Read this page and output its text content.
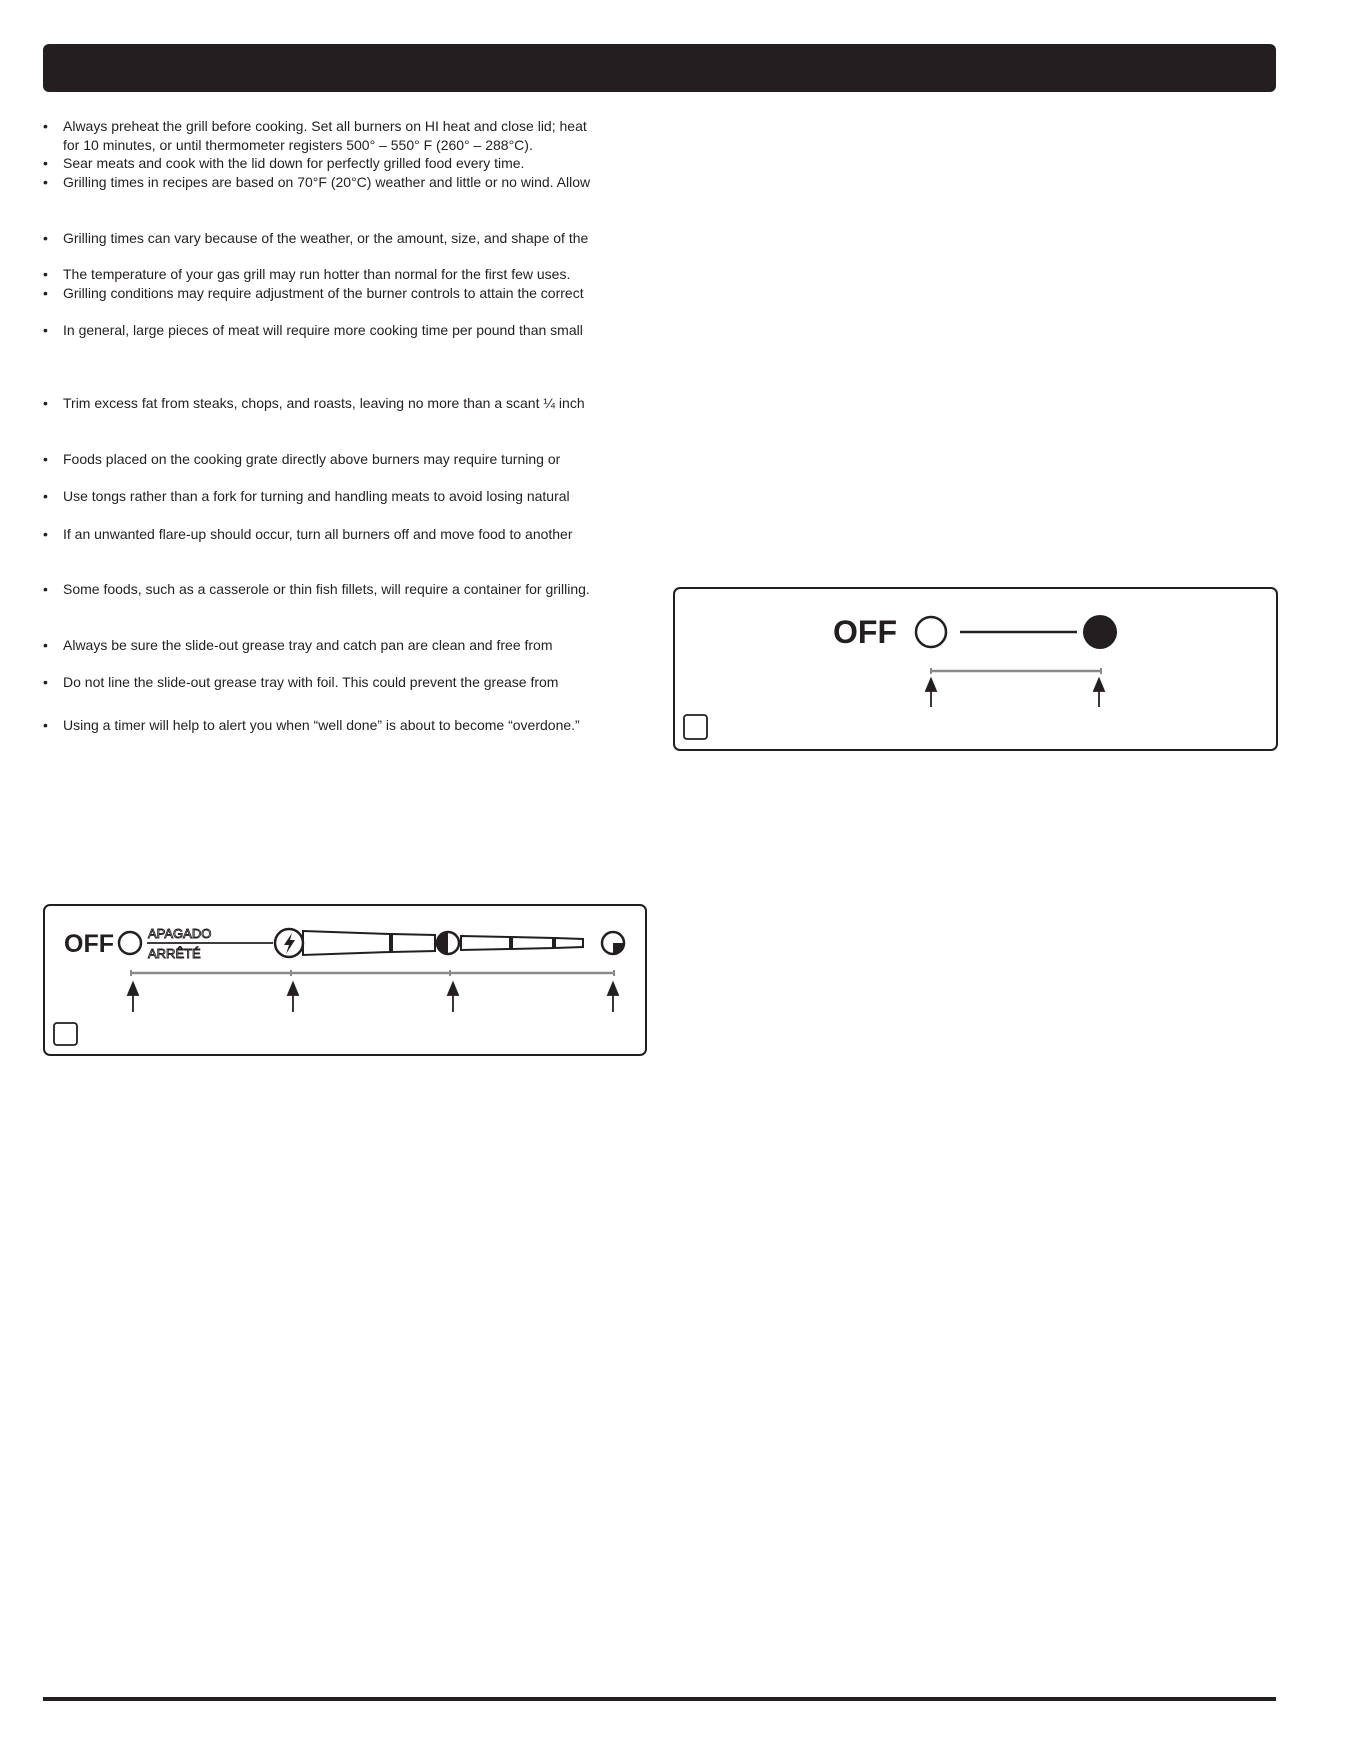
• Always preheat the grill before cooking. Set all burners on HI heat and close lid; heat
for 10 minutes, or until thermometer registers 500° – 550° F (260° – 288°C).
• Sear meats and cook with the lid down for perfectly grilled food every time.
• Grilling times in recipes are based on 70°F (20°C) weather and little or no wind. Allow
• Grilling times can vary because of the weather, or the amount, size, and shape of the
• The temperature of your gas grill may run hotter than normal for the first few uses.
• Grilling conditions may require adjustment of the burner controls to attain the correct
• In general, large pieces of meat will require more cooking time per pound than small
• Trim excess fat from steaks, chops, and roasts, leaving no more than a scant ¼ inch
• Foods placed on the cooking grate directly above burners may require turning or
• Use tongs rather than a fork for turning and handling meats to avoid losing natural
• If an unwanted flare-up should occur, turn all burners off and move food to another
• Some foods, such as a casserole or thin fish fillets, will require a container for grilling.
• Always be sure the slide-out grease tray and catch pan are clean and free from
• Do not line the slide-out grease tray with foil. This could prevent the grease from
• Using a timer will help to alert you when “well done” is about to become “overdone.”
OFF	APAGADO
ARRÊTÉ
OFF
